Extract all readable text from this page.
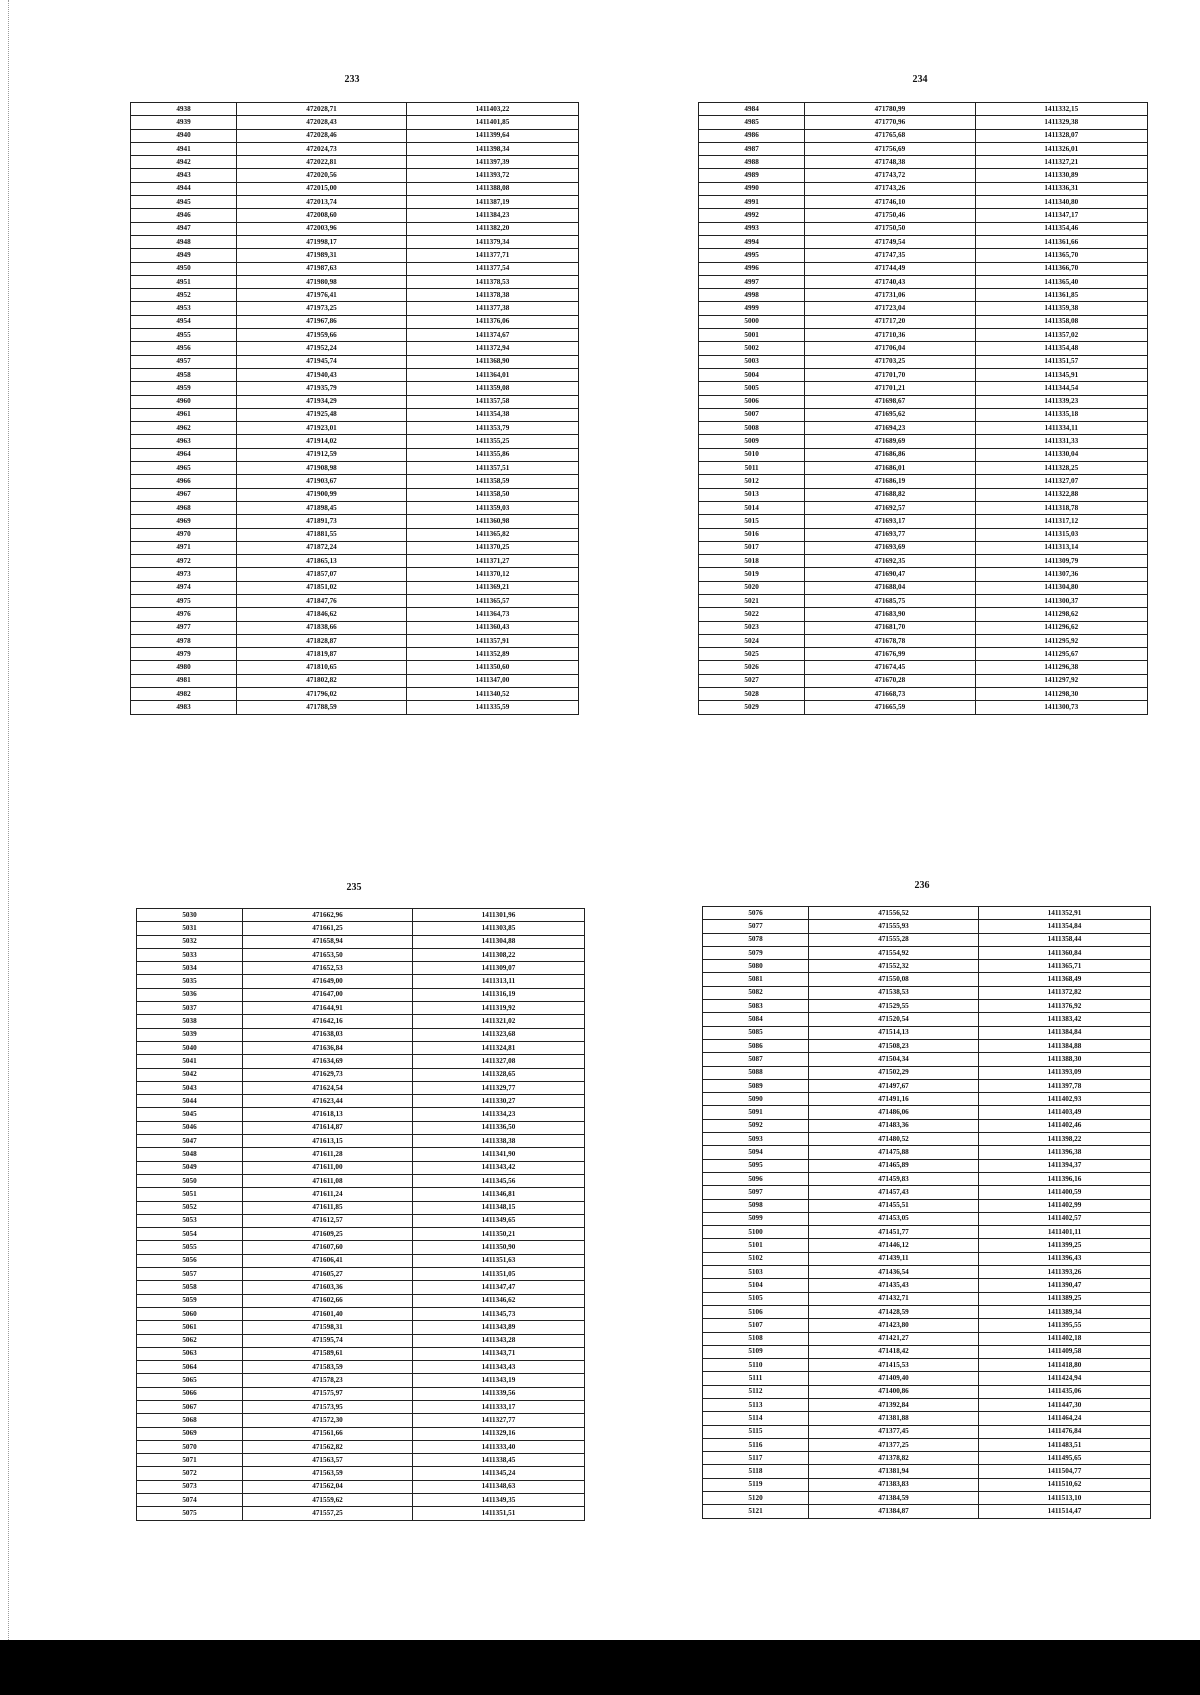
233
4938	472028,71	1411403,22
4939	472028,43	1411401,85
4940	472028,46	1411399,64
4941	472024,73	1411398,34
4942	472022,81	1411397,39
4943	472020,56	1411393,72
4944	472015,00	1411388,08
4945	472013,74	1411387,19
4946	472008,60	1411384,23
4947	472003,96	1411382,20
4948	471998,17	1411379,34
4949	471989,31	1411377,71
4950	471987,63	1411377,54
4951	471980,98	1411378,53
4952	471976,41	1411378,38
4953	471973,25	1411377,38
4954	471967,86	1411376,06
4955	471959,66	1411374,67
4956	471952,24	1411372,94
4957	471945,74	1411368,90
4958	471940,43	1411364,01
4959	471935,79	1411359,08
4960	471934,29	1411357,58
4961	471925,48	1411354,38
4962	471923,01	1411353,79
4963	471914,02	1411355,25
4964	471912,59	1411355,86
4965	471908,98	1411357,51
4966	471903,67	1411358,59
4967	471900,99	1411358,50
4968	471898,45	1411359,03
4969	471891,73	1411360,98
4970	471881,55	1411365,82
4971	471872,24	1411370,25
4972	471865,13	1411371,27
4973	471857,07	1411370,12
4974	471851,02	1411369,21
4975	471847,76	1411365,57
4976	471846,62	1411364,73
4977	471838,66	1411360,43
4978	471828,87	1411357,91
4979	471819,87	1411352,89
4980	471810,65	1411350,60
4981	471802,82	1411347,00
4982	471796,02	1411340,52
4983	471788,59	1411335,59
234
4984	471780,99	1411332,15
4985	471770,96	1411329,38
4986	471765,68	1411328,07
4987	471756,69	1411326,01
4988	471748,38	1411327,21
4989	471743,72	1411330,89
4990	471743,26	1411336,31
4991	471746,10	1411340,80
4992	471750,46	1411347,17
4993	471750,50	1411354,46
4994	471749,54	1411361,66
4995	471747,35	1411365,70
4996	471744,49	1411366,70
4997	471740,43	1411365,40
4998	471731,06	1411361,85
4999	471723,04	1411359,38
5000	471717,20	1411358,08
5001	471710,36	1411357,02
5002	471706,04	1411354,48
5003	471703,25	1411351,57
5004	471701,70	1411345,91
5005	471701,21	1411344,54
5006	471698,67	1411339,23
5007	471695,62	1411335,18
5008	471694,23	1411334,11
5009	471689,69	1411331,33
5010	471686,86	1411330,04
5011	471686,01	1411328,25
5012	471686,19	1411327,07
5013	471688,82	1411322,88
5014	471692,57	1411318,78
5015	471693,17	1411317,12
5016	471693,77	1411315,03
5017	471693,69	1411313,14
5018	471692,35	1411309,79
5019	471690,47	1411307,36
5020	471688,04	1411304,80
5021	471685,75	1411300,37
5022	471683,90	1411298,62
5023	471681,70	1411296,62
5024	471678,78	1411295,92
5025	471676,99	1411295,67
5026	471674,45	1411296,38
5027	471670,28	1411297,92
5028	471668,73	1411298,30
5029	471665,59	1411300,73
235
5030	471662,96	1411301,96
5031	471661,25	1411303,85
5032	471658,94	1411304,88
5033	471653,50	1411308,22
5034	471652,53	1411309,07
5035	471649,00	1411313,11
5036	471647,00	1411316,19
5037	471644,91	1411319,92
5038	471642,16	1411321,02
5039	471638,03	1411323,68
5040	471636,84	1411324,81
5041	471634,69	1411327,08
5042	471629,73	1411328,65
5043	471624,54	1411329,77
5044	471623,44	1411330,27
5045	471618,13	1411334,23
5046	471614,87	1411336,50
5047	471613,15	1411338,38
5048	471611,28	1411341,90
5049	471611,00	1411343,42
5050	471611,08	1411345,56
5051	471611,24	1411346,81
5052	471611,85	1411348,15
5053	471612,57	1411349,65
5054	471609,25	1411350,21
5055	471607,60	1411350,90
5056	471606,41	1411351,63
5057	471605,27	1411351,05
5058	471603,36	1411347,47
5059	471602,66	1411346,62
5060	471601,40	1411345,73
5061	471598,31	1411343,89
5062	471595,74	1411343,28
5063	471589,61	1411343,71
5064	471583,59	1411343,43
5065	471578,23	1411343,19
5066	471575,97	1411339,56
5067	471573,95	1411333,17
5068	471572,30	1411327,77
5069	471561,66	1411329,16
5070	471562,82	1411333,40
5071	471563,57	1411338,45
5072	471563,59	1411345,24
5073	471562,04	1411348,63
5074	471559,62	1411349,35
5075	471557,25	1411351,51
236
5076	471556,52	1411352,91
5077	471555,93	1411354,84
5078	471555,28	1411358,44
5079	471554,92	1411360,84
5080	471552,32	1411365,71
5081	471550,08	1411368,49
5082	471538,53	1411372,82
5083	471529,55	1411376,92
5084	471520,54	1411383,42
5085	471514,13	1411384,84
5086	471508,23	1411384,88
5087	471504,34	1411388,30
5088	471502,29	1411393,09
5089	471497,67	1411397,78
5090	471491,16	1411402,93
5091	471486,06	1411403,49
5092	471483,36	1411402,46
5093	471480,52	1411398,22
5094	471475,88	1411396,38
5095	471465,89	1411394,37
5096	471459,83	1411396,16
5097	471457,43	1411400,59
5098	471455,51	1411402,99
5099	471453,05	1411402,57
5100	471451,77	1411401,11
5101	471446,12	1411399,25
5102	471439,11	1411396,43
5103	471436,54	1411393,26
5104	471435,43	1411390,47
5105	471432,71	1411389,25
5106	471428,59	1411389,34
5107	471423,80	1411395,55
5108	471421,27	1411402,18
5109	471418,42	1411409,58
5110	471415,53	1411418,80
5111	471409,40	1411424,94
5112	471400,86	1411435,06
5113	471392,84	1411447,30
5114	471381,88	1411464,24
5115	471377,45	1411476,84
5116	471377,25	1411483,51
5117	471378,82	1411495,65
5118	471381,94	1411504,77
5119	471383,83	1411510,62
5120	471384,59	1411513,10
5121	471384,87	1411514,47
